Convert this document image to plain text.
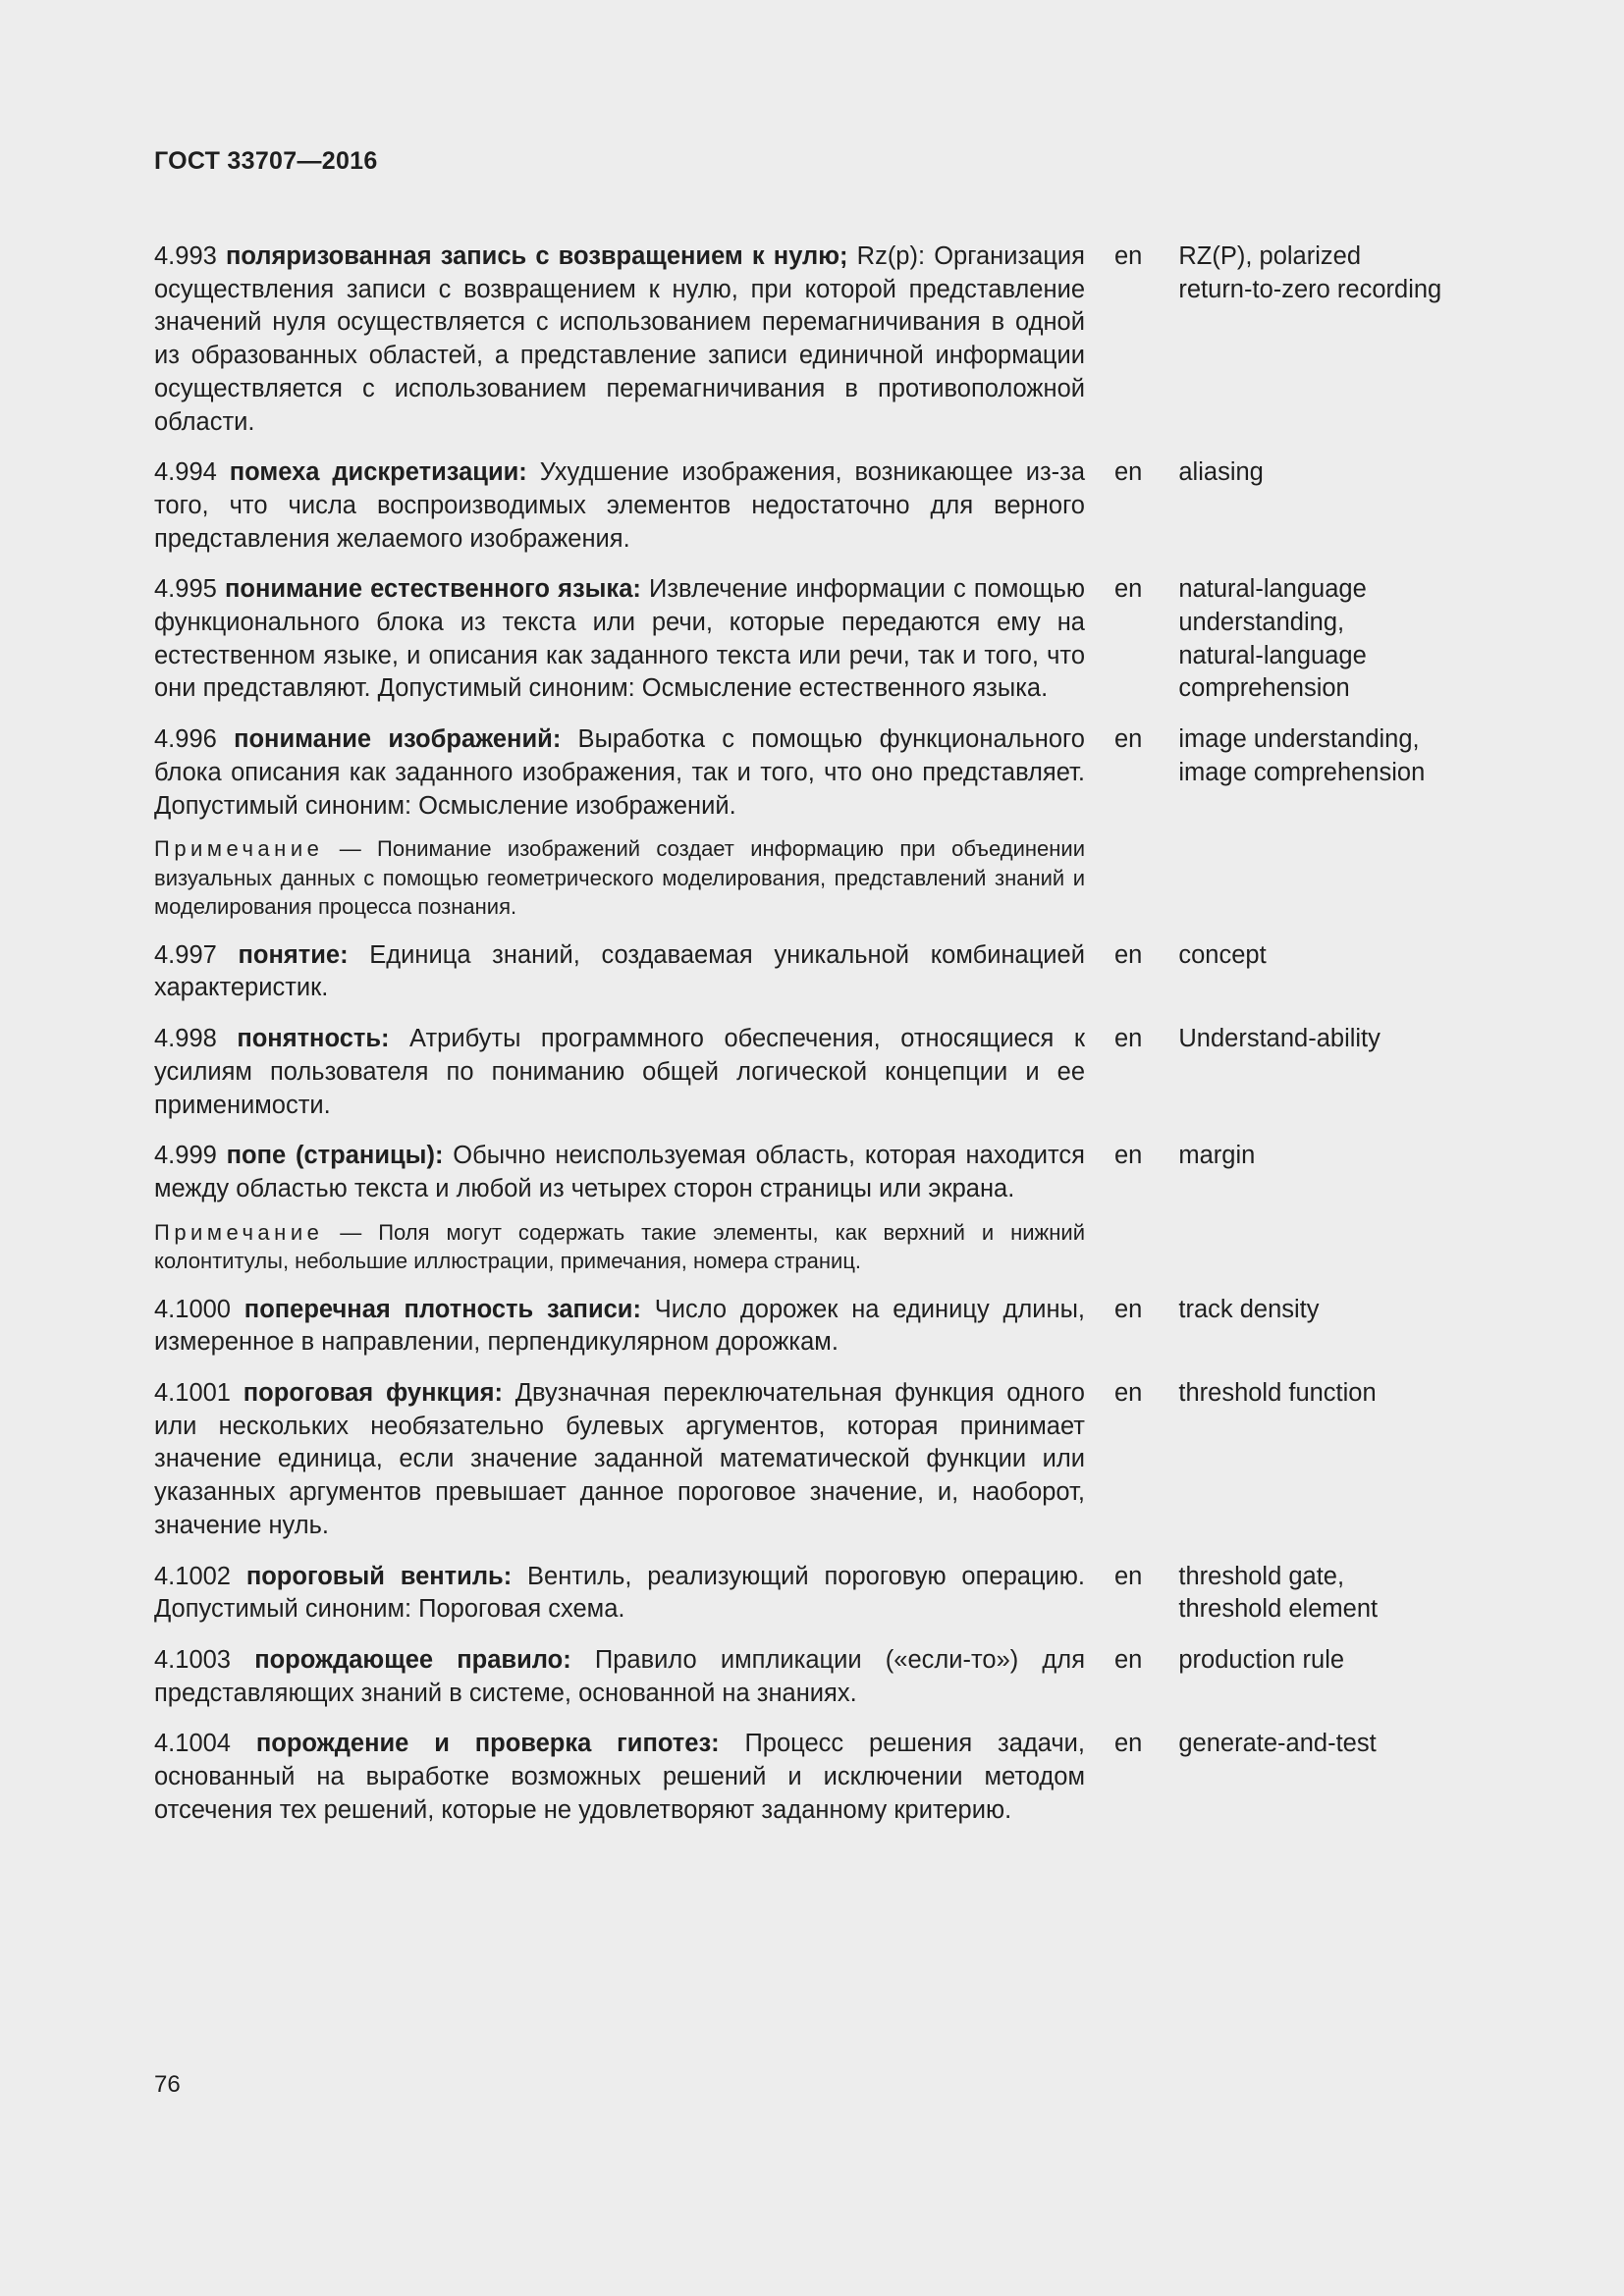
ГОСТ 33707—2016
4.993 поляризованная запись с возвращением к нулю; Rz(p): Организация осуществления записи с возвращением к нулю, при которой представление значений нуля осуществляется с использованием перемагничивания в одной из образованных областей, а представление записи единичной информации осуществляется с использованием перемагничивания в противоположной области.
en	RZ(P), polarized
return-to-zero recording
4.994 помеха дискретизации: Ухудшение изображения, возникающее из-за того, что числа воспроизводимых элементов недостаточно для верного представления желаемого изображения.
en	aliasing
4.995 понимание естественного языка: Извлечение информации с помощью функционального блока из текста или речи, которые передаются ему на естественном языке, и описания как заданного текста или речи, так и того, что они представляют. Допустимый синоним: Осмысление естественного языка.
en	natural-language
understanding,
natural-language
comprehension
4.996 понимание изображений: Выработка с помощью функционального блока описания как заданного изображения, так и того, что оно представляет. Допустимый синоним: Осмысление изображений.
Примечание — Понимание изображений создает информацию при объединении визуальных данных с помощью геометрического моделирования, представлений знаний и моделирования процесса познания.
en	image understanding,
image comprehension
4.997 понятие: Единица знаний, создаваемая уникальной комбинацией характеристик.
en	concept
4.998 понятность: Атрибуты программного обеспечения, относящиеся к усилиям пользователя по пониманию общей логической концепции и ее применимости.
en	Understand-ability
4.999 попе (страницы): Обычно неиспользуемая область, которая находится между областью текста и любой из четырех сторон страницы или экрана.
Примечание — Поля могут содержать такие элементы, как верхний и нижний колонтитулы, небольшие иллюстрации, примечания, номера страниц.
en	margin
4.1000 поперечная плотность записи: Число дорожек на единицу длины, измеренное в направлении, перпендикулярном дорожкам.
en	track density
4.1001 пороговая функция: Двузначная переключательная функция одного или нескольких необязательно булевых аргументов, которая принимает значение единица, если значение заданной математической функции или указанных аргументов превышает данное пороговое значение, и, наоборот, значение нуль.
en	threshold function
4.1002 пороговый вентиль: Вентиль, реализующий пороговую операцию. Допустимый синоним: Пороговая схема.
en	threshold gate,
threshold element
4.1003 порождающее правило: Правило импликации («если-то») для представляющих знаний в системе, основанной на знаниях.
en	production rule
4.1004 порождение и проверка гипотез: Процесс решения задачи, основанный на выработке возможных решений и исключении методом отсечения тех решений, которые не удовлетворяют заданному критерию.
en	generate-and-test
76
